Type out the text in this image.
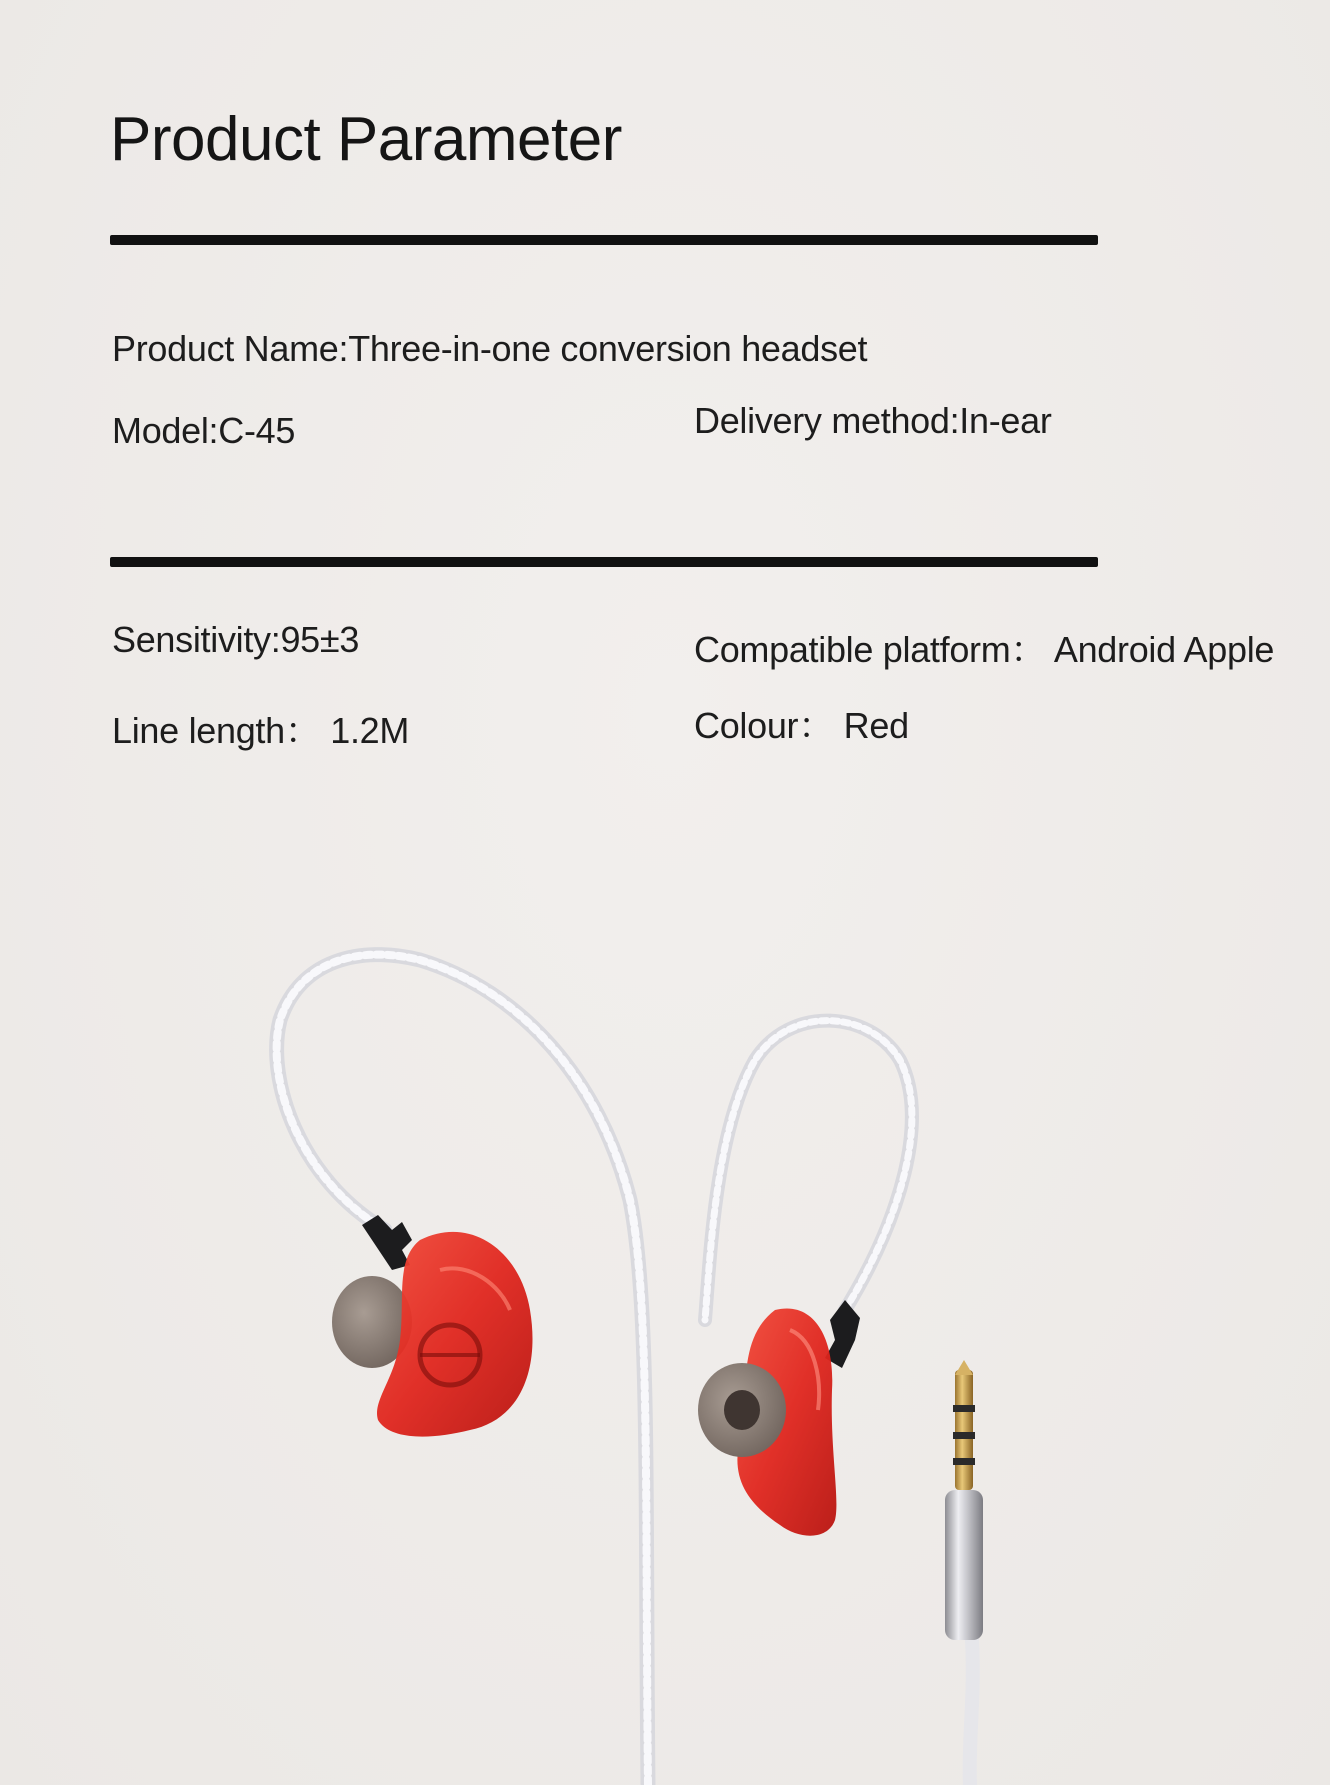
Product Parameter
Product Name:Three-in-one conversion headset
Model:C-45	Delivery method:In-ear
Sensitivity:95±3	Compatible platform： Android Apple
Line length： 1.2M	Colour： Red
